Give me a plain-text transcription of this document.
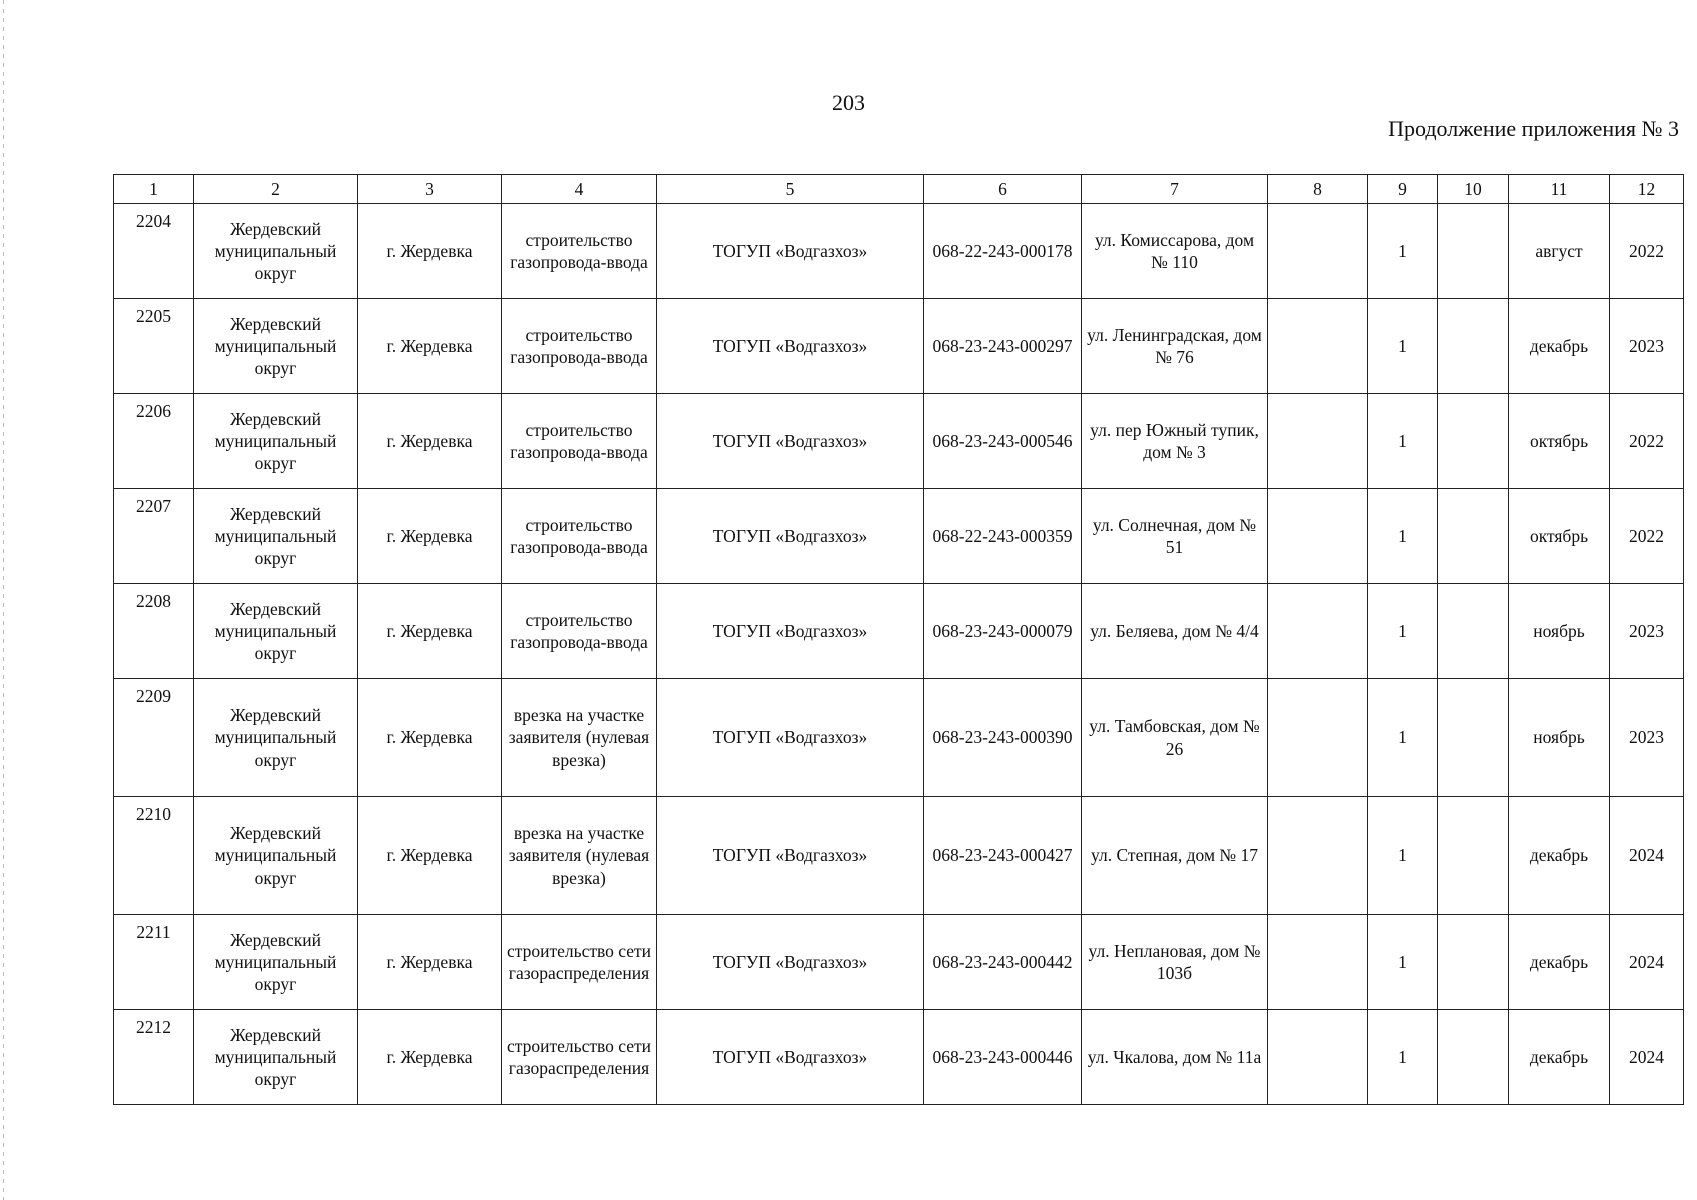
203
Продолжение приложения № 3
1	2	3	4	5	6	7	8	9	10	11	12
2204	Жердевский муниципальный округ	г. Жердевка	строительство газопровода-ввода	ТОГУП «Водгазхоз»	068-22-243-000178	ул. Комиссарова, дом № 110		1		август	2022
2205	Жердевский муниципальный округ	г. Жердевка	строительство газопровода-ввода	ТОГУП «Водгазхоз»	068-23-243-000297	ул. Ленинградская, дом № 76		1		декабрь	2023
2206	Жердевский муниципальный округ	г. Жердевка	строительство газопровода-ввода	ТОГУП «Водгазхоз»	068-23-243-000546	ул. пер Южный тупик, дом № 3		1		октябрь	2022
2207	Жердевский муниципальный округ	г. Жердевка	строительство газопровода-ввода	ТОГУП «Водгазхоз»	068-22-243-000359	ул. Солнечная, дом № 51		1		октябрь	2022
2208	Жердевский муниципальный округ	г. Жердевка	строительство газопровода-ввода	ТОГУП «Водгазхоз»	068-23-243-000079	ул. Беляева, дом № 4/4		1		ноябрь	2023
2209	Жердевский муниципальный округ	г. Жердевка	врезка на участке заявителя (нулевая врезка)	ТОГУП «Водгазхоз»	068-23-243-000390	ул. Тамбовская, дом № 26		1		ноябрь	2023
2210	Жердевский муниципальный округ	г. Жердевка	врезка на участке заявителя (нулевая врезка)	ТОГУП «Водгазхоз»	068-23-243-000427	ул. Степная, дом № 17		1		декабрь	2024
2211	Жердевский муниципальный округ	г. Жердевка	строительство сети газораспределения	ТОГУП «Водгазхоз»	068-23-243-000442	ул. Неплановая, дом № 103б		1		декабрь	2024
2212	Жердевский муниципальный округ	г. Жердевка	строительство сети газораспределения	ТОГУП «Водгазхоз»	068-23-243-000446	ул. Чкалова, дом № 11а		1		декабрь	2024
